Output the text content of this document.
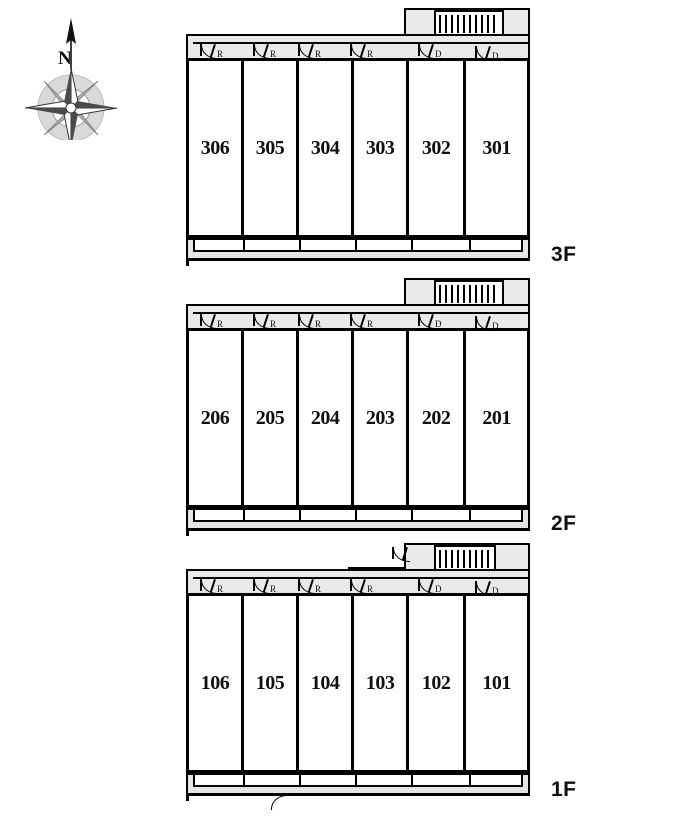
N
306 305 304 303 302 301
R	R	R	R	D	D
3F
206 205 204 203 202 201
R	R	R	R	D	D
2F
106 105 104 103 102 101
R	R	R	R	D	D
1F
